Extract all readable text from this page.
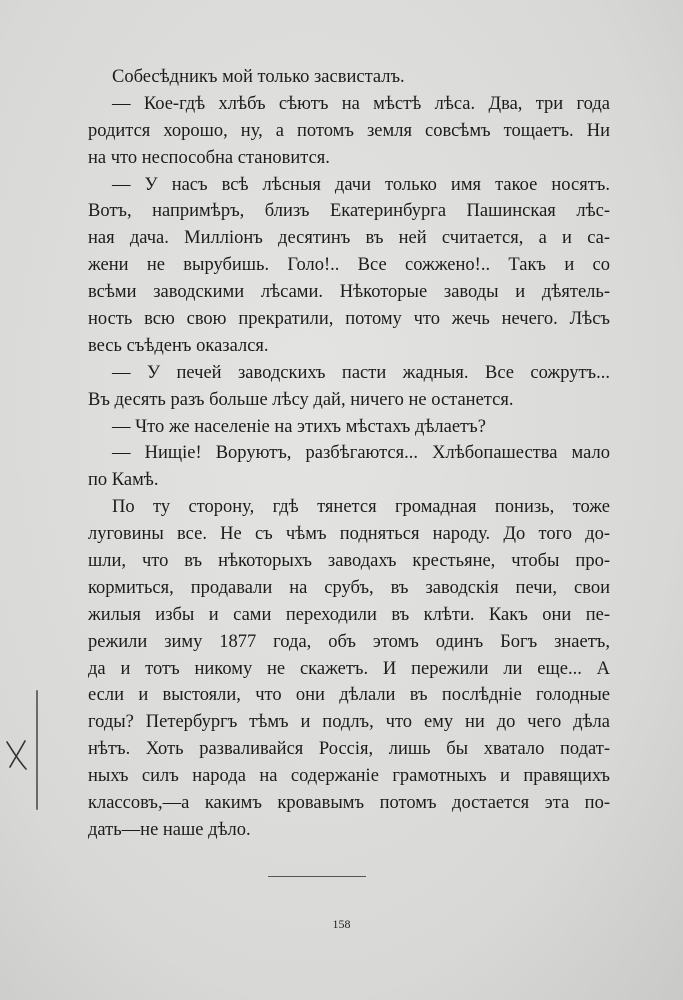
Собесѣдникъ мой только засвисталъ.
— Кое-гдѣ хлѣбъ сѣютъ на мѣстѣ лѣса. Два, три года
родится хорошо, ну, а потомъ земля совсѣмъ тощаетъ. Ни
на что неспособна становится.
— У насъ всѣ лѣсныя дачи только имя такое носятъ.
Вотъ, напримѣръ, близъ Екатеринбурга Пашинская лѣс-
ная дача. Милліонъ десятинъ въ ней считается, а и са-
жени не вырубишь. Голо!.. Все сожжено!.. Такъ и со
всѣми заводскими лѣсами. Нѣкоторые заводы и дѣятель-
ность всю свою прекратили, потому что жечь нечего. Лѣсъ
весь съѣденъ оказался.
— У печей заводскихъ пасти жадныя. Все сожрутъ...
Въ десять разъ больше лѣсу дай, ничего не останется.
— Что же населеніе на этихъ мѣстахъ дѣлаетъ?
— Нищіе! Воруютъ, разбѣгаются... Хлѣбопашества мало
по Камѣ.
По ту сторону, гдѣ тянется громадная понизь, тоже
луговины все. Не съ чѣмъ подняться народу. До того до-
шли, что въ нѣкоторыхъ заводахъ крестьяне, чтобы про-
кормиться, продавали на срубъ, въ заводскія печи, свои
жилыя избы и сами переходили въ клѣти. Какъ они пе-
режили зиму 1877 года, объ этомъ одинъ Богъ знаетъ,
да и тотъ никому не скажетъ. И пережили ли еще... А
если и выстояли, что они дѣлали въ послѣдніе голодные
годы? Петербургъ тѣмъ и подлъ, что ему ни до чего дѣла
нѣтъ. Хоть разваливайся Россія, лишь бы хватало подат-
ныхъ силъ народа на содержаніе грамотныхъ и правящихъ
классовъ,—а какимъ кровавымъ потомъ достается эта по-
дать—не наше дѣло.
158
